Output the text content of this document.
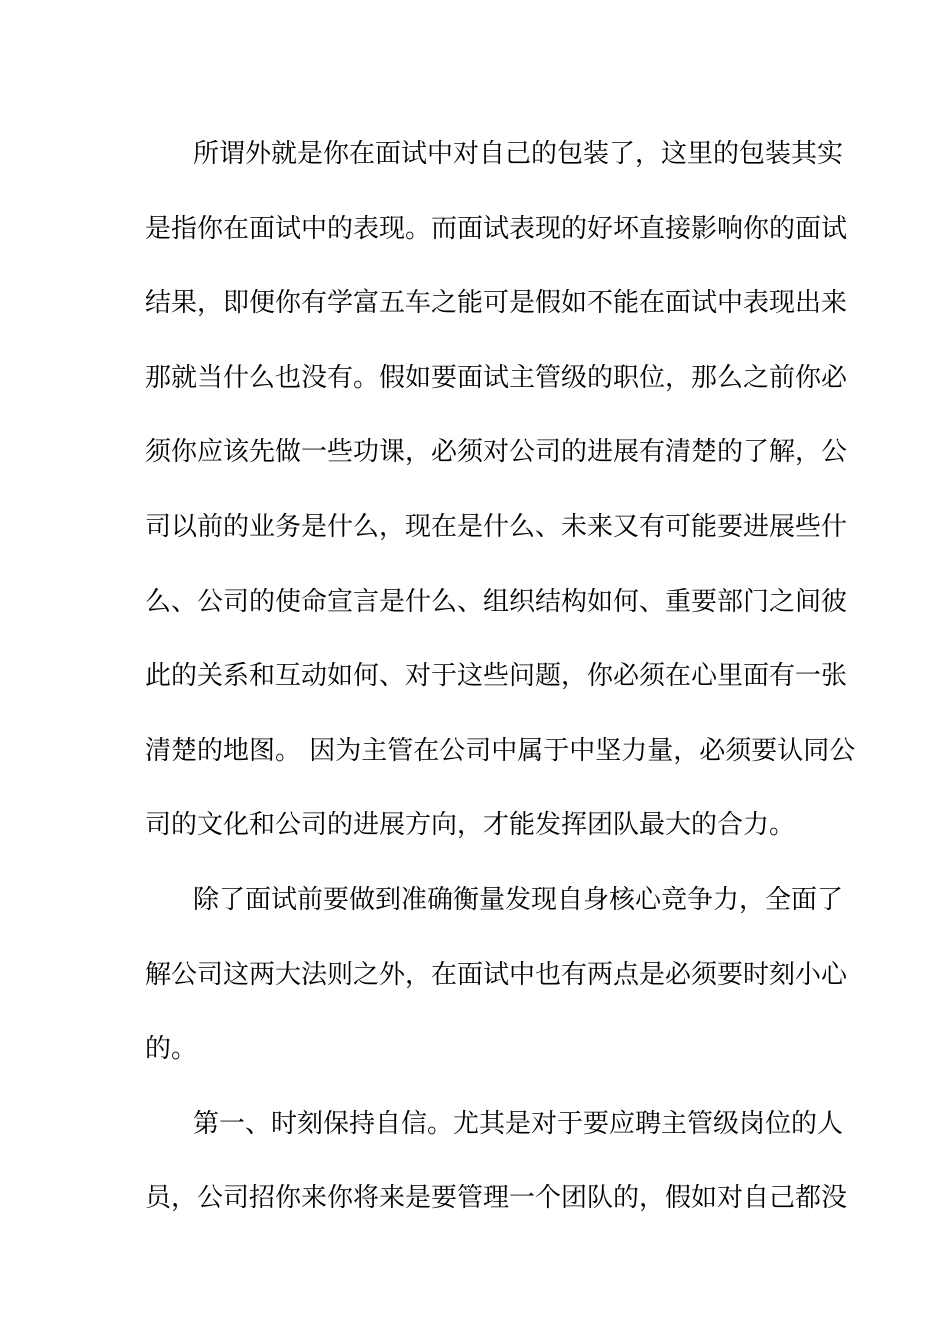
所谓外就是你在面试中对自己的包装了，这里的包装其实
是指你在面试中的表现。而面试表现的好坏直接影响你的面试
结果，即便你有学富五车之能可是假如不能在面试中表现出来
那就当什么也没有。假如要面试主管级的职位，那么之前你必
须你应该先做一些功课，必须对公司的进展有清楚的了解，公
司以前的业务是什么，现在是什么、未来又有可能要进展些什
么、公司的使命宣言是什么、组织结构如何、重要部门之间彼
此的关系和互动如何、对于这些问题，你必须在心里面有一张
清楚的地图。 因为主管在公司中属于中坚力量，必须要认同公
司的文化和公司的进展方向，才能发挥团队最大的合力。

除了面试前要做到准确衡量发现自身核心竞争力，全面了
解公司这两大法则之外，在面试中也有两点是必须要时刻小心
的。

第一、时刻保持自信。尤其是对于要应聘主管级岗位的人
员，公司招你来你将来是要管理一个团队的，假如对自己都没
